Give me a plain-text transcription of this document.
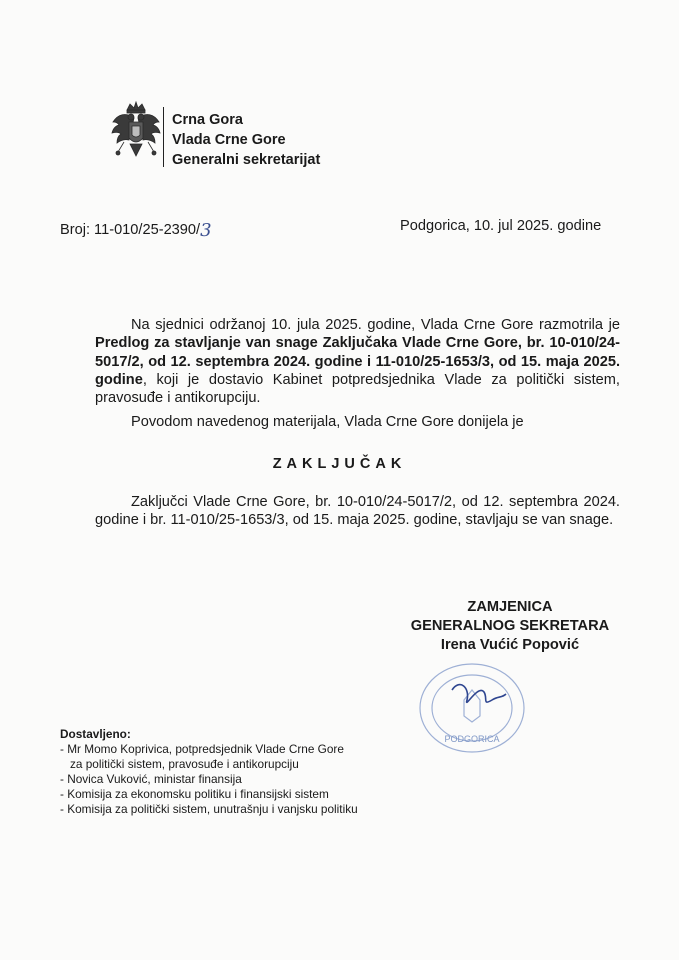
Crna Gora
Vlada Crne Gore
Generalni sekretarijat
Broj: 11-010/25-2390/3	Podgorica, 10. jul 2025. godine

Na sjednici održanoj 10. jula 2025. godine, Vlada Crne Gore razmotrila je Predlog za stavljanje van snage Zaključaka Vlade Crne Gore, br. 10-010/24-5017/2, od 12. septembra 2024. godine i 11-010/25-1653/3, od 15. maja 2025. godine, koji je dostavio Kabinet potpredsjednika Vlade za politički sistem, pravosuđe i antikorupciju.

Povodom navedenog materijala, Vlada Crne Gore donijela je
ZAKLJUČAK

Zaključci Vlade Crne Gore, br. 10-010/24-5017/2, od 12. septembra 2024. godine i br. 11-010/25-1653/3, od 15. maja 2025. godine, stavljaju se van snage.

ZAMJENICA
GENERALNOG SEKRETARA
Irena Vućić Popović
PODGORICA
Dostavljeno:
- Mr Momo Koprivica, potpredsjednik Vlade Crne Gore
za politički sistem, pravosuđe i antikorupciju
- Novica Vuković, ministar finansija
- Komisija za ekonomsku politiku i finansijski sistem
- Komisija za politički sistem, unutrašnju i vanjsku politiku
